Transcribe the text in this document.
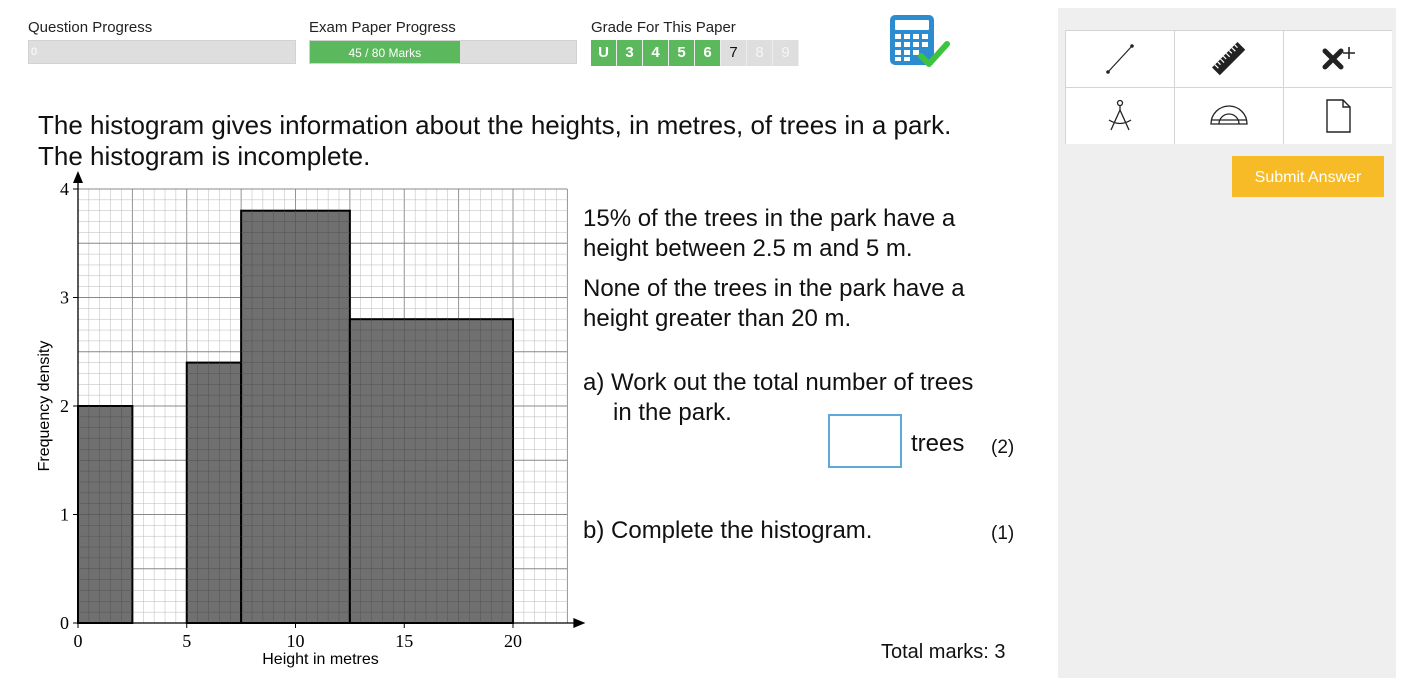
Question Progress
0
Exam Paper Progress
45 / 80 Marks
Grade For This Paper
U	3	4	5	6	7	8	9
The histogram gives information about the heights, in metres, of trees in a park.
The histogram is incomplete.
15% of the trees in the park have a
height between 2.5 m and 5 m.
None of the trees in the park have a
height greater than 20 m.
a) Work out the total number of trees
in the park.
trees (2)
b) Complete the histogram.	(1)
Total marks: 3
0	5	10	15	20
0
1
2
3
4
Height in metres
Frequency density
Submit Answer
